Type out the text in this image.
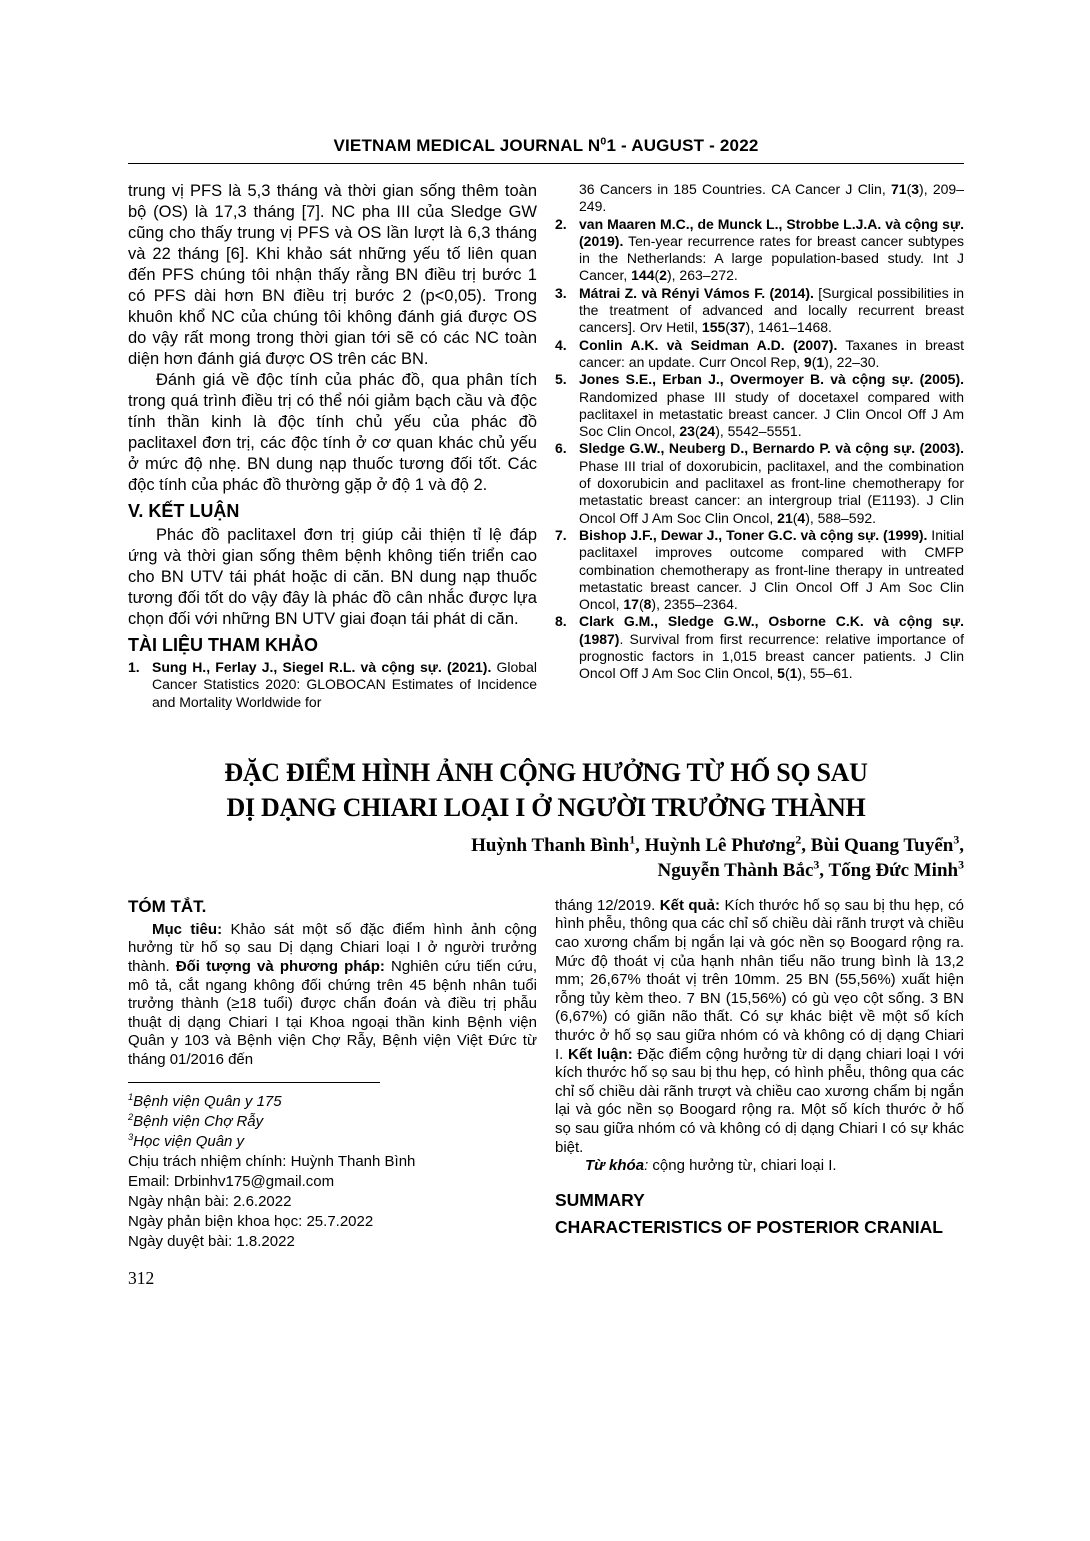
VIETNAM MEDICAL JOURNAL $N^01$ - AUGUST - 2022

trung vị PFS là 5,3 tháng và thời gian sống thêm toàn bộ (OS) là 17,3 tháng [7]. NC pha III của Sledge GW cũng cho thấy trung vị PFS và OS lần lượt là 6,3 tháng và 22 tháng [6]. Khi khảo sát những yếu tố liên quan đến PFS chúng tôi nhận thấy rằng BN điều trị bước 1 có PFS dài hơn BN điều trị bước 2 (p<0,05). Trong khuôn khổ NC của chúng tôi không đánh giá được OS do vậy rất mong trong thời gian tới sẽ có các NC toàn diện hơn đánh giá được OS trên các BN.

Đánh giá về độc tính của phác đồ, qua phân tích trong quá trình điều trị có thể nói giảm bạch cầu và độc tính thần kinh là độc tính chủ yếu của phác đồ paclitaxel đơn trị, các độc tính ở cơ quan khác chủ yếu ở mức độ nhẹ. BN dung nạp thuốc tương đối tốt. Các độc tính của phác đồ thường gặp ở độ 1 và độ 2.

V. KẾT LUẬN

Phác đồ paclitaxel đơn trị giúp cải thiện tỉ lệ đáp ứng và thời gian sống thêm bệnh không tiến triển cao cho BN UTV tái phát hoặc di căn. BN dung nạp thuốc tương đối tốt do vậy đây là phác đồ cân nhắc được lựa chọn đối với những BN UTV giai đoạn tái phát di căn.

TÀI LIỆU THAM KHẢO
1. Sung H., Ferlay J., Siegel R.L. và cộng sự. (2021). Global Cancer Statistics 2020: GLOBOCAN Estimates of Incidence and Mortality Worldwide for
36 Cancers in 185 Countries. CA Cancer J Clin, 71(3), 209–249.
2. van Maaren M.C., de Munck L., Strobbe L.J.A. và cộng sự. (2019). Ten-year recurrence rates for breast cancer subtypes in the Netherlands: A large population-based study. Int J Cancer, 144(2), 263–272.
3. Mátrai Z. và Rényi Vámos F. (2014). [Surgical possibilities in the treatment of advanced and locally recurrent breast cancers]. Orv Hetil, 155(37), 1461–1468.
4. Conlin A.K. và Seidman A.D. (2007). Taxanes in breast cancer: an update. Curr Oncol Rep, 9(1), 22–30.
5. Jones S.E., Erban J., Overmoyer B. và cộng sự. (2005). Randomized phase III study of docetaxel compared with paclitaxel in metastatic breast cancer. J Clin Oncol Off J Am Soc Clin Oncol, 23(24), 5542–5551.
6. Sledge G.W., Neuberg D., Bernardo P. và cộng sự. (2003). Phase III trial of doxorubicin, paclitaxel, and the combination of doxorubicin and paclitaxel as front-line chemotherapy for metastatic breast cancer: an intergroup trial (E1193). J Clin Oncol Off J Am Soc Clin Oncol, 21(4), 588–592.
7. Bishop J.F., Dewar J., Toner G.C. và cộng sự. (1999). Initial paclitaxel improves outcome compared with CMFP combination chemotherapy as front-line therapy in untreated metastatic breast cancer. J Clin Oncol Off J Am Soc Clin Oncol, 17(8), 2355–2364.
8. Clark G.M., Sledge G.W., Osborne C.K. và cộng sự. (1987). Survival from first recurrence: relative importance of prognostic factors in 1,015 breast cancer patients. J Clin Oncol Off J Am Soc Clin Oncol, 5(1), 55–61.
ĐẶC ĐIỂM HÌNH ẢNH CỘNG HƯỞNG TỪ HỐ SỌ SAU
DỊ DẠNG CHIARI LOẠI I Ở NGƯỜI TRƯỞNG THÀNH
Huỳnh Thanh Bình$^1$, Huỳnh Lê Phương$^2$, Bùi Quang Tuyển$^3$,
Nguyễn Thành Bắc$^3$, Tống Đức Minh$^3$
TÓM TẮT.

Mục tiêu: Khảo sát một số đặc điểm hình ảnh cộng hưởng từ hố sọ sau Dị dạng Chiari loại I ở người trưởng thành. Đối tượng và phương pháp: Nghiên cứu tiến cứu, mô tả, cắt ngang không đối chứng trên 45 bệnh nhân tuổi trưởng thành (≥18 tuổi) được chẩn đoán và điều trị phẫu thuật dị dạng Chiari I tại Khoa ngoại thần kinh Bệnh viện Quân y 103 và Bệnh viện Chợ Rẫy, Bệnh viện Việt Đức từ tháng 01/2016 đến

$^1$Bệnh viện Quân y 175
$^2$Bệnh viện Chợ Rẫy
$^3$Học viện Quân y
Chịu trách nhiệm chính: Huỳnh Thanh Bình
Email: Drbinhv175@gmail.com
Ngày nhận bài: 2.6.2022
Ngày phản biện khoa học: 25.7.2022
Ngày duyệt bài: 1.8.2022

tháng 12/2019. Kết quả: Kích thước hố sọ sau bị thu hẹp, có hình phễu, thông qua các chỉ số chiều dài rãnh trượt và chiều cao xương chẩm bị ngắn lại và góc nền sọ Boogard rộng ra. Mức độ thoát vị của hạnh nhân tiểu não trung bình là 13,2 mm; 26,67% thoát vị trên 10mm. 25 BN (55,56%) xuất hiện rỗng tủy kèm theo. 7 BN (15,56%) có gù vẹo cột sống. 3 BN (6,67%) có giãn não thất. Có sự khác biệt về một số kích thước ở hố sọ sau giữa nhóm có và không có dị dạng Chiari I. Kết luận: Đặc điểm cộng hưởng từ di dạng chiari loại I với kích thước hố sọ sau bị thu hẹp, có hình phễu, thông qua các chỉ số chiều dài rãnh trượt và chiều cao xương chẩm bị ngắn lại và góc nền sọ Boogard rộng ra. Một số kích thước ở hố sọ sau giữa nhóm có và không có dị dạng Chiari I có sự khác biệt.

Từ khóa: cộng hưởng từ, chiari loại I.

SUMMARY
CHARACTERISTICS OF POSTERIOR CRANIAL
312
